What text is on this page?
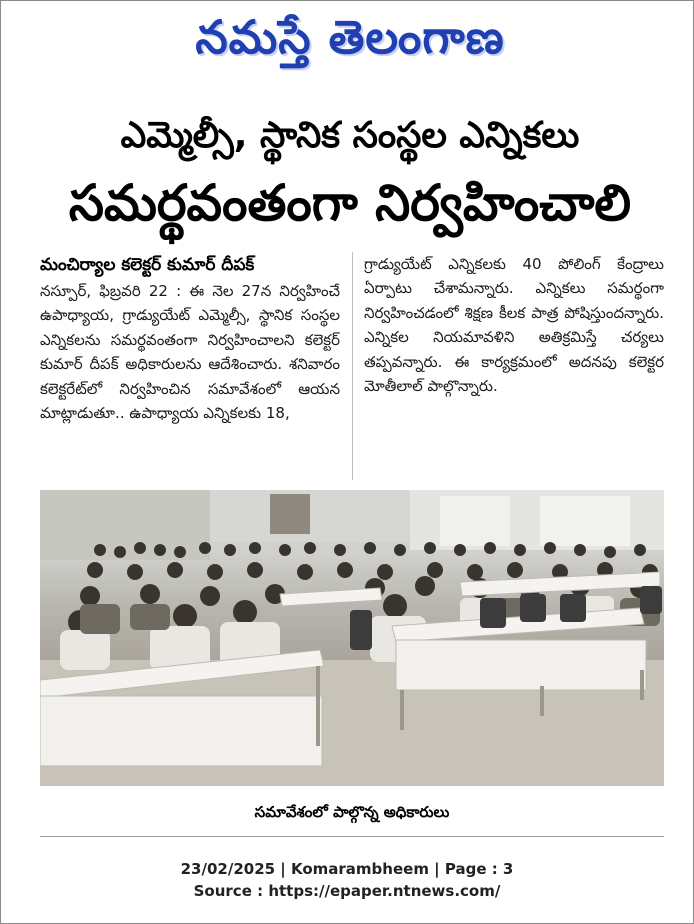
నమస్తే తెలంగాణ
ఎమ్మెల్సీ, స్థానిక సంస్థల ఎన్నికలు
సమర్థవంతంగా నిర్వహించాలి
మంచిర్యాల కలెక్టర్ కుమార్ దీపక్
నస్పూర్, ఫిబ్రవరి 22 : ఈ నెల 27న నిర్వహించే ఉపాధ్యాయ, గ్రాడ్యుయేట్ ఎమ్మెల్సీ, స్థానిక సంస్థల ఎన్నికలను సమర్థవంతంగా నిర్వహించాలని కలెక్టర్ కుమార్ దీపక్ అధికారులను ఆదేశించారు. శనివారం కలెక్టరేట్‌లో నిర్వహించిన సమావేశంలో ఆయన మాట్లాడుతూ.. ఉపాధ్యాయ ఎన్నికలకు 18,
గ్రాడ్యుయేట్ ఎన్నికలకు 40 పోలింగ్ కేంద్రాలు ఏర్పాటు చేశామన్నారు. ఎన్నికలు సమర్థంగా నిర్వహించడంలో శిక్షణ కీలక పాత్ర పోషిస్తుందన్నారు. ఎన్నికల నియమావళిని అతిక్రమిస్తే చర్యలు తప్పవన్నారు. ఈ కార్యక్రమంలో అదనపు కలెక్టర మోతీలాల్ పాల్గొన్నారు.
సమావేశంలో పాల్గొన్న అధికారులు
23/02/2025 | Komarambheem | Page : 3
Source : https://epaper.ntnews.com/
